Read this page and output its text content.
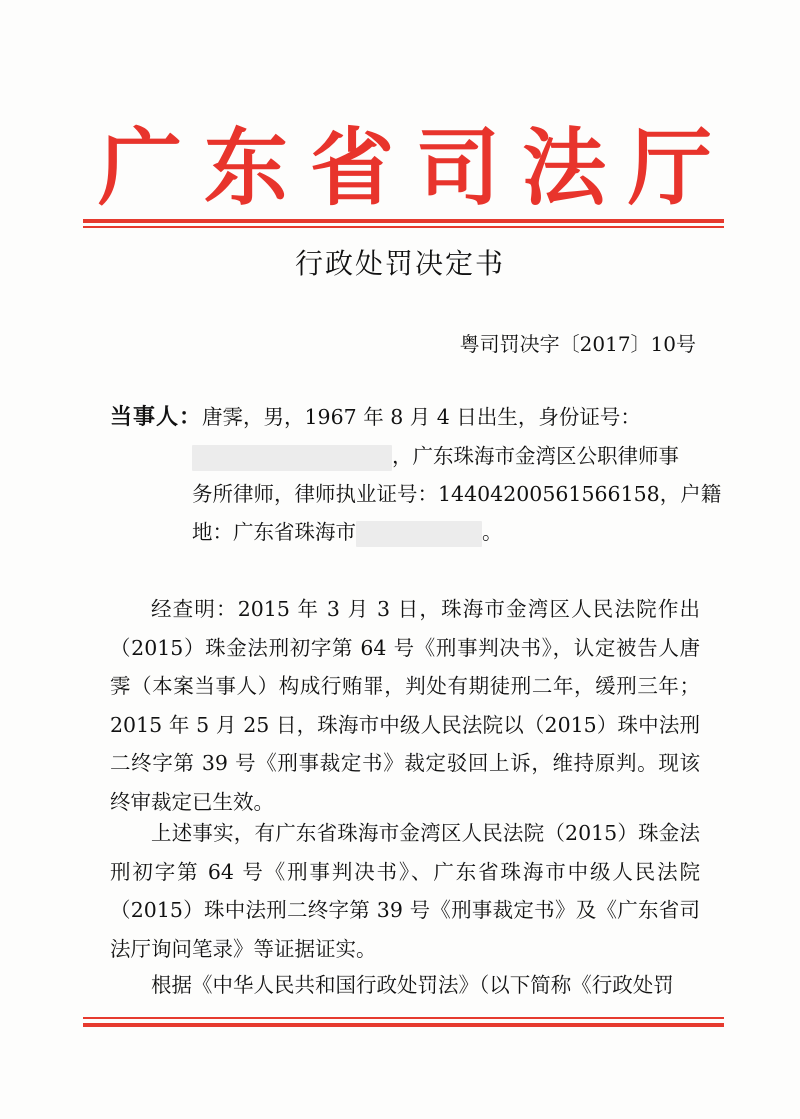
广东省司法厅
行政处罚决定书
粤司罚决字〔2017〕10号
当事人：唐霁，男，1967 年 8 月 4 日出生，身份证号：
，广东珠海市金湾区公职律师事
务所律师，律师执业证号：14404200561566158，户籍
地：广东省珠海市	。
经查明：2015 年 3 月 3 日，珠海市金湾区人民法院作出（2015）珠金法刑初字第 64 号《刑事判决书》，认定被告人唐霁（本案当事人）构成行贿罪，判处有期徒刑二年，缓刑三年；2015 年 5 月 25 日，珠海市中级人民法院以（2015）珠中法刑二终字第 39 号《刑事裁定书》裁定驳回上诉，维持原判。现该终审裁定已生效。
上述事实，有广东省珠海市金湾区人民法院（2015）珠金法刑初字第 64 号《刑事判决书》、广东省珠海市中级人民法院（2015）珠中法刑二终字第 39 号《刑事裁定书》及《广东省司法厅询问笔录》等证据证实。
根据《中华人民共和国行政处罚法》（以下简称《行政处罚
